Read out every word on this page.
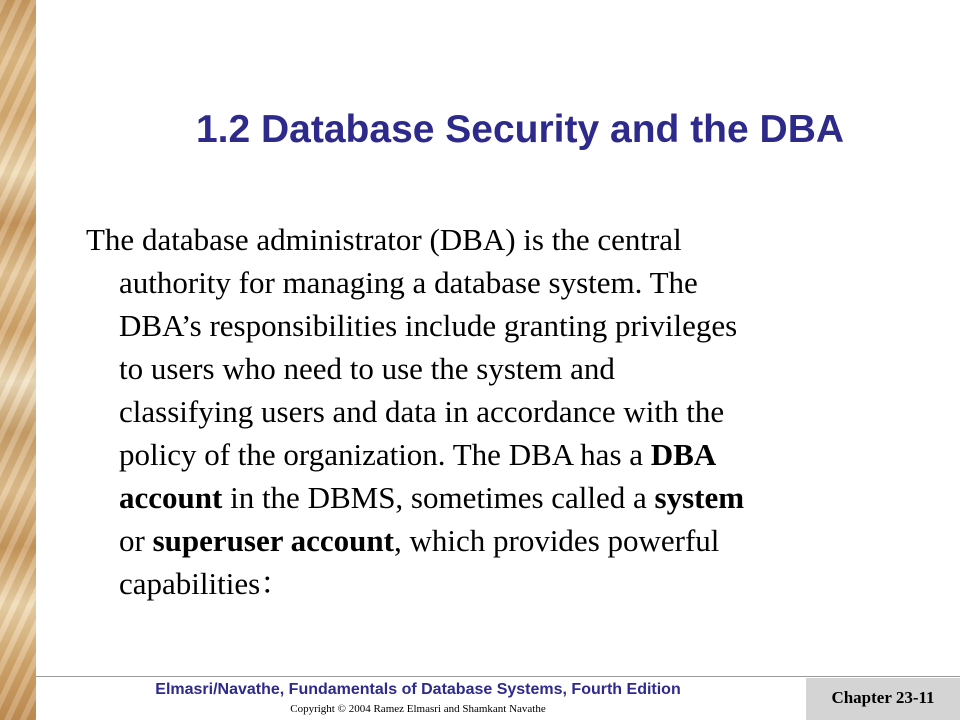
1.2 Database Security and the DBA
The database administrator (DBA) is the central
authority for managing a database system. The
DBA’s responsibilities include granting privileges
to users who need to use the system and
classifying users and data in accordance with the
policy of the organization. The DBA has a DBA
account in the DBMS, sometimes called a system
or superuser account, which provides powerful
capabilities：
Elmasri/Navathe, Fundamentals of Database Systems, Fourth Edition
Copyright © 2004 Ramez Elmasri and Shamkant Navathe
Chapter 23-11
